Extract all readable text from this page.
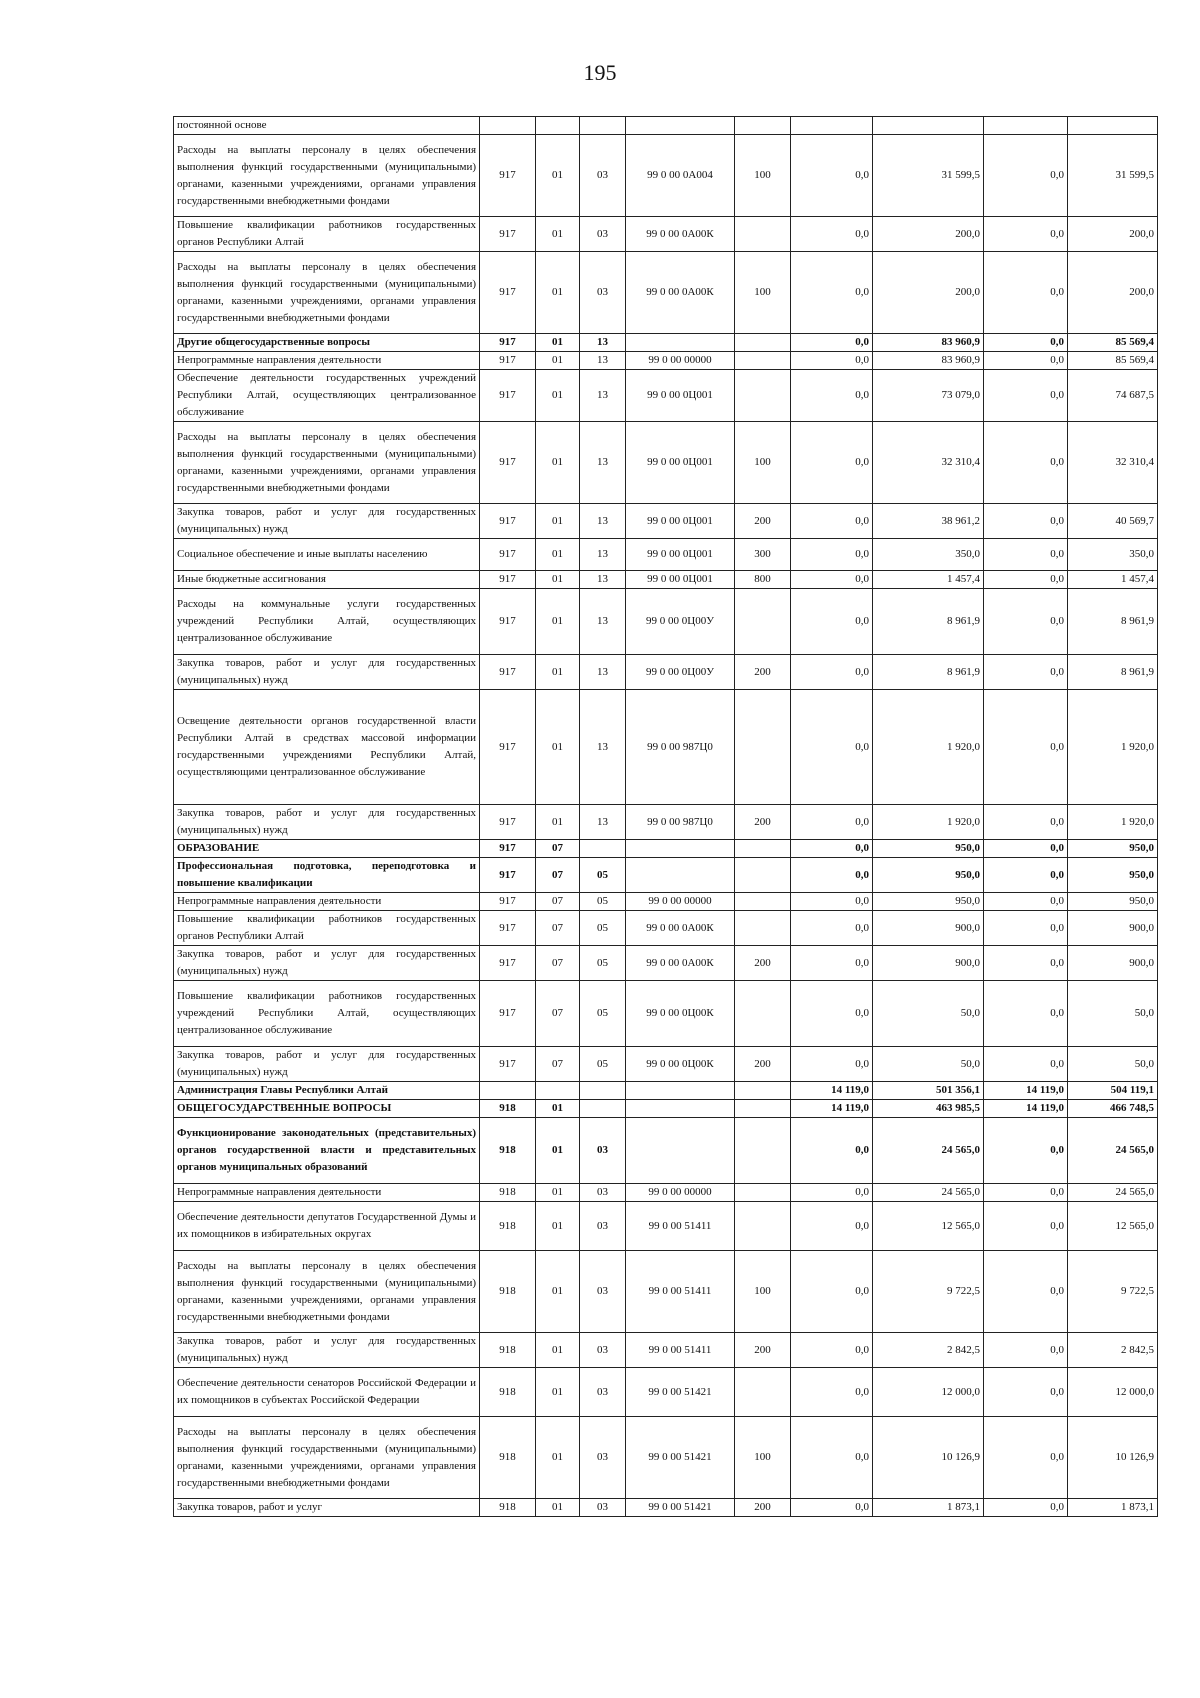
195
постоянной основе									
Расходы на выплаты персоналу в целях обеспечения выполнения функций государственными (муниципальными) органами, казенными учреждениями, органами управления государственными внебюджетными фондами	917	01	03	99 0 00 0А004	100	0,0	31 599,5	0,0	31 599,5
Повышение квалификации работников государственных органов Республики Алтай	917	01	03	99 0 00 0А00К		0,0	200,0	0,0	200,0
Расходы на выплаты персоналу в целях обеспечения выполнения функций государственными (муниципальными) органами, казенными учреждениями, органами управления государственными внебюджетными фондами	917	01	03	99 0 00 0А00К	100	0,0	200,0	0,0	200,0
Другие общегосударственные вопросы	917	01	13			0,0	83 960,9	0,0	85 569,4
Непрограммные направления деятельности	917	01	13	99 0 00 00000		0,0	83 960,9	0,0	85 569,4
Обеспечение деятельности государственных учреждений Республики Алтай, осуществляющих централизованное обслуживание	917	01	13	99 0 00 0Ц001		0,0	73 079,0	0,0	74 687,5
Расходы на выплаты персоналу в целях обеспечения выполнения функций государственными (муниципальными) органами, казенными учреждениями, органами управления государственными внебюджетными фондами	917	01	13	99 0 00 0Ц001	100	0,0	32 310,4	0,0	32 310,4
Закупка товаров, работ и услуг для государственных (муниципальных) нужд	917	01	13	99 0 00 0Ц001	200	0,0	38 961,2	0,0	40 569,7
Социальное обеспечение и иные выплаты населению	917	01	13	99 0 00 0Ц001	300	0,0	350,0	0,0	350,0
Иные бюджетные ассигнования	917	01	13	99 0 00 0Ц001	800	0,0	1 457,4	0,0	1 457,4
Расходы на коммунальные услуги государственных учреждений Республики Алтай, осуществляющих централизованное обслуживание	917	01	13	99 0 00 0Ц00У		0,0	8 961,9	0,0	8 961,9
Закупка товаров, работ и услуг для государственных (муниципальных) нужд	917	01	13	99 0 00 0Ц00У	200	0,0	8 961,9	0,0	8 961,9
Освещение деятельности органов государственной власти Республики Алтай в средствах массовой информации государственными учреждениями Республики Алтай, осуществляющими централизованное обслуживание	917	01	13	99 0 00 987Ц0		0,0	1 920,0	0,0	1 920,0
Закупка товаров, работ и услуг для государственных (муниципальных) нужд	917	01	13	99 0 00 987Ц0	200	0,0	1 920,0	0,0	1 920,0
ОБРАЗОВАНИЕ	917	07				0,0	950,0	0,0	950,0
Профессиональная подготовка, переподготовка и повышение квалификации	917	07	05			0,0	950,0	0,0	950,0
Непрограммные направления деятельности	917	07	05	99 0 00 00000		0,0	950,0	0,0	950,0
Повышение квалификации работников государственных органов Республики Алтай	917	07	05	99 0 00 0А00К		0,0	900,0	0,0	900,0
Закупка товаров, работ и услуг для государственных (муниципальных) нужд	917	07	05	99 0 00 0А00К	200	0,0	900,0	0,0	900,0
Повышение квалификации работников государственных учреждений Республики Алтай, осуществляющих централизованное обслуживание	917	07	05	99 0 00 0Ц00К		0,0	50,0	0,0	50,0
Закупка товаров, работ и услуг для государственных (муниципальных) нужд	917	07	05	99 0 00 0Ц00К	200	0,0	50,0	0,0	50,0
Администрация Главы Республики Алтай						14 119,0	501 356,1	14 119,0	504 119,1
ОБЩЕГОСУДАРСТВЕННЫЕ ВОПРОСЫ	918	01				14 119,0	463 985,5	14 119,0	466 748,5
Функционирование законодательных (представительных) органов государственной власти и представительных органов муниципальных образований	918	01	03			0,0	24 565,0	0,0	24 565,0
Непрограммные направления деятельности	918	01	03	99 0 00 00000		0,0	24 565,0	0,0	24 565,0
Обеспечение деятельности депутатов Государственной Думы и их помощников в избирательных округах	918	01	03	99 0 00 51411		0,0	12 565,0	0,0	12 565,0
Расходы на выплаты персоналу в целях обеспечения выполнения функций государственными (муниципальными) органами, казенными учреждениями, органами управления государственными внебюджетными фондами	918	01	03	99 0 00 51411	100	0,0	9 722,5	0,0	9 722,5
Закупка товаров, работ и услуг для государственных (муниципальных) нужд	918	01	03	99 0 00 51411	200	0,0	2 842,5	0,0	2 842,5
Обеспечение деятельности сенаторов Российской Федерации и их помощников в субъектах Российской Федерации	918	01	03	99 0 00 51421		0,0	12 000,0	0,0	12 000,0
Расходы на выплаты персоналу в целях обеспечения выполнения функций государственными (муниципальными) органами, казенными учреждениями, органами управления государственными внебюджетными фондами	918	01	03	99 0 00 51421	100	0,0	10 126,9	0,0	10 126,9
Закупка товаров, работ и услуг	918	01	03	99 0 00 51421	200	0,0	1 873,1	0,0	1 873,1
